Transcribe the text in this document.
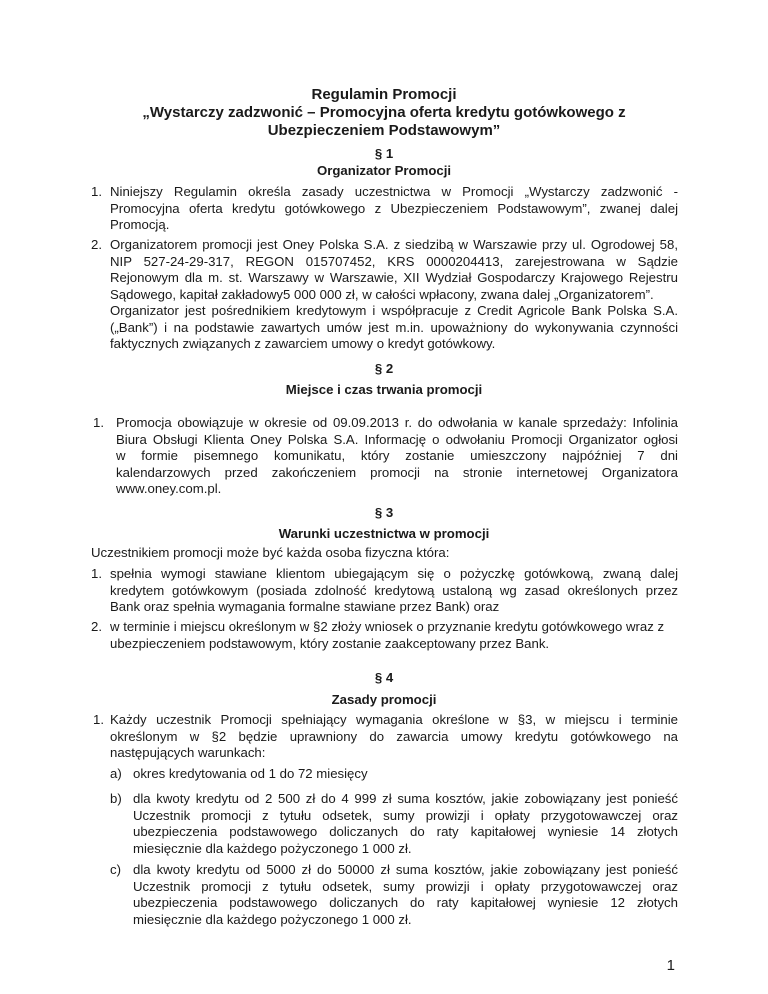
Regulamin Promocji
„Wystarczy zadzwonić – Promocyjna oferta kredytu gotówkowego z
Ubezpieczeniem Podstawowym”
§ 1
Organizator Promocji
1. Niniejszy Regulamin określa zasady uczestnictwa w Promocji „Wystarczy zadzwonić -
Promocyjna oferta kredytu gotówkowego z Ubezpieczeniem Podstawowym”, zwanej dalej
Promocją.
2. Organizatorem promocji jest Oney Polska S.A. z siedzibą w Warszawie przy ul. Ogrodowej 58,
NIP 527-24-29-317, REGON 015707452, KRS 0000204413, zarejestrowana w Sądzie
Rejonowym dla m. st. Warszawy w Warszawie, XII Wydział Gospodarczy Krajowego Rejestru
Sądowego, kapitał zakładowy5 000 000 zł, w całości wpłacony, zwana dalej „Organizatorem”.
Organizator jest pośrednikiem kredytowym i współpracuje z Credit Agricole Bank Polska S.A.
(„Bank”) i na podstawie zawartych umów jest m.in. upoważniony do wykonywania czynności
faktycznych związanych z zawarciem umowy o kredyt gotówkowy.
§ 2
Miejsce i czas trwania promocji
1. Promocja obowiązuje w okresie od 09.09.2013 r. do odwołania w kanale sprzedaży: Infolinia
Biura Obsługi Klienta Oney Polska S.A. Informację o odwołaniu Promocji Organizator ogłosi
w formie pisemnego komunikatu, który zostanie umieszczony najpóźniej 7 dni
kalendarzowych przed zakończeniem promocji na stronie internetowej Organizatora
www.oney.com.pl.
§ 3
Warunki uczestnictwa w promocji
Uczestnikiem promocji może być każda osoba fizyczna która:
1. spełnia wymogi stawiane klientom ubiegającym się o pożyczkę gotówkową, zwaną dalej
kredytem gotówkowym (posiada zdolność kredytową ustaloną wg zasad określonych przez
Bank oraz spełnia wymagania formalne stawiane przez Bank) oraz
2. w terminie i miejscu określonym w §2 złoży wniosek o przyznanie kredytu gotówkowego wraz z
ubezpieczeniem podstawowym, który zostanie zaakceptowany przez Bank.
§ 4
Zasady promocji
1. Każdy uczestnik Promocji spełniający wymagania określone w §3, w miejscu i terminie
określonym w §2 będzie uprawniony do zawarcia umowy kredytu gotówkowego na
następujących warunkach:
a) okres kredytowania od 1 do 72 miesięcy
b) dla kwoty kredytu od 2 500 zł do 4 999 zł suma kosztów, jakie zobowiązany jest ponieść
Uczestnik promocji z tytułu odsetek, sumy prowizji i opłaty przygotowawczej oraz
ubezpieczenia podstawowego doliczanych do raty kapitałowej wyniesie 14 złotych
miesięcznie dla każdego pożyczonego 1 000 zł.
c) dla kwoty kredytu od 5000 zł do 50000 zł suma kosztów, jakie zobowiązany jest ponieść
Uczestnik promocji z tytułu odsetek, sumy prowizji i opłaty przygotowawczej oraz
ubezpieczenia podstawowego doliczanych do raty kapitałowej wyniesie 12 złotych
miesięcznie dla każdego pożyczonego 1 000 zł.
1
